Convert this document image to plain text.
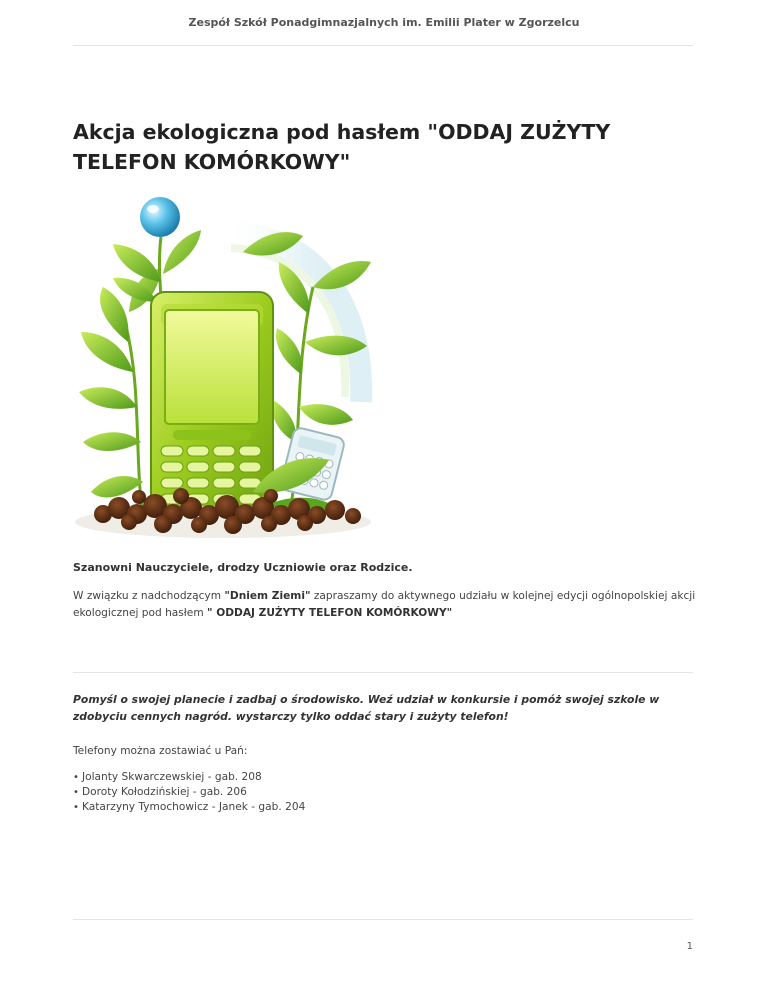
Zespół Szkół Ponadgimnazjalnych im. Emilii Plater w Zgorzelcu
Akcja ekologiczna pod hasłem "ODDAJ ZUŻYTY TELEFON KOMÓRKOWY"
Szanowni Nauczyciele, drodzy Uczniowie oraz Rodzice.

W związku z nadchodzącym "Dniem Ziemi" zapraszamy do aktywnego udziału w kolejnej edycji ogólnopolskiej akcji ekologicznej pod hasłem " ODDAJ ZUŻYTY TELEFON KOMÓRKOWY"

Pomyśl o swojej planecie i zadbaj o środowisko. Weź udział w konkursie i pomóż swojej szkole w zdobyciu cennych nagród. wystarczy tylko oddać stary i zużyty telefon!

Telefony można zostawiać u Pań:
• Jolanty Skwarczewskiej - gab. 208
• Doroty Kołodzińskiej - gab. 206
• Katarzyny Tymochowicz - Janek - gab. 204
1
